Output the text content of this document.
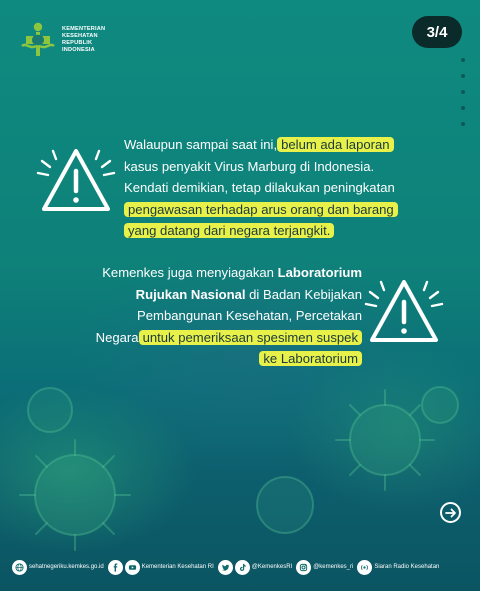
KEMENTERIAN
KESEHATAN
REPUBLIK
INDONESIA
3/4
Walaupun sampai saat ini, belum ada laporan
kasus penyakit Virus Marburg di Indonesia.
Kendati demikian, tetap dilakukan peningkatan
pengawasan terhadap arus orang dan barang
yang datang dari negara terjangkit.
Kemenkes juga menyiagakan Laboratorium
Rujukan Nasional di Badan Kebijakan
Pembangunan Kesehatan, Percetakan
Negara untuk pemeriksaan spesimen suspek
ke Laboratorium
sehatnegeriku.kemkes.go.id	Kementerian Kesehatan RI	@KemenkesRI	@kemenkes_ri	Siaran Radio Kesehatan
